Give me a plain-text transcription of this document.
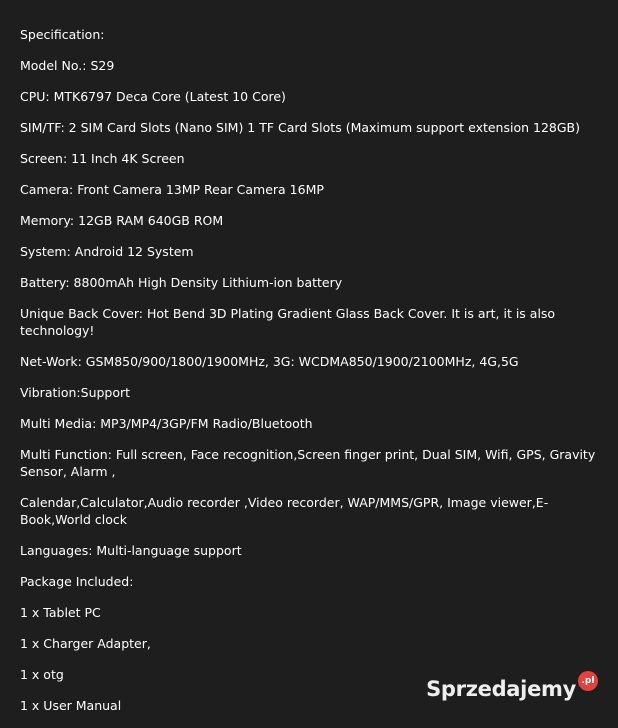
Specification:

Model No.: S29

CPU: MTK6797 Deca Core (Latest 10 Core)

SIM/TF: 2 SIM Card Slots (Nano SIM) 1 TF Card Slots (Maximum support extension 128GB)

Screen: 11 Inch 4K Screen

Camera: Front Camera 13MP Rear Camera 16MP

Memory: 12GB RAM 640GB ROM

System: Android 12 System

Battery: 8800mAh High Density Lithium-ion battery

Unique Back Cover: Hot Bend 3D Plating Gradient Glass Back Cover. It is art, it is also technology!

Net-Work: GSM850/900/1800/1900MHz, 3G: WCDMA850/1900/2100MHz, 4G,5G

Vibration:Support

Multi Media: MP3/MP4/3GP/FM Radio/Bluetooth

Multi Function: Full screen, Face recognition,Screen finger print, Dual SIM, Wifi, GPS, Gravity Sensor, Alarm ,

Calendar,Calculator,Audio recorder ,Video recorder, WAP/MMS/GPR, Image viewer,E-Book,World clock

Languages: Multi-language support

Package Included:

1 x Tablet PC

1 x Charger Adapter,

1 x otg

1 x User Manual

Sprzedajemy .pl
